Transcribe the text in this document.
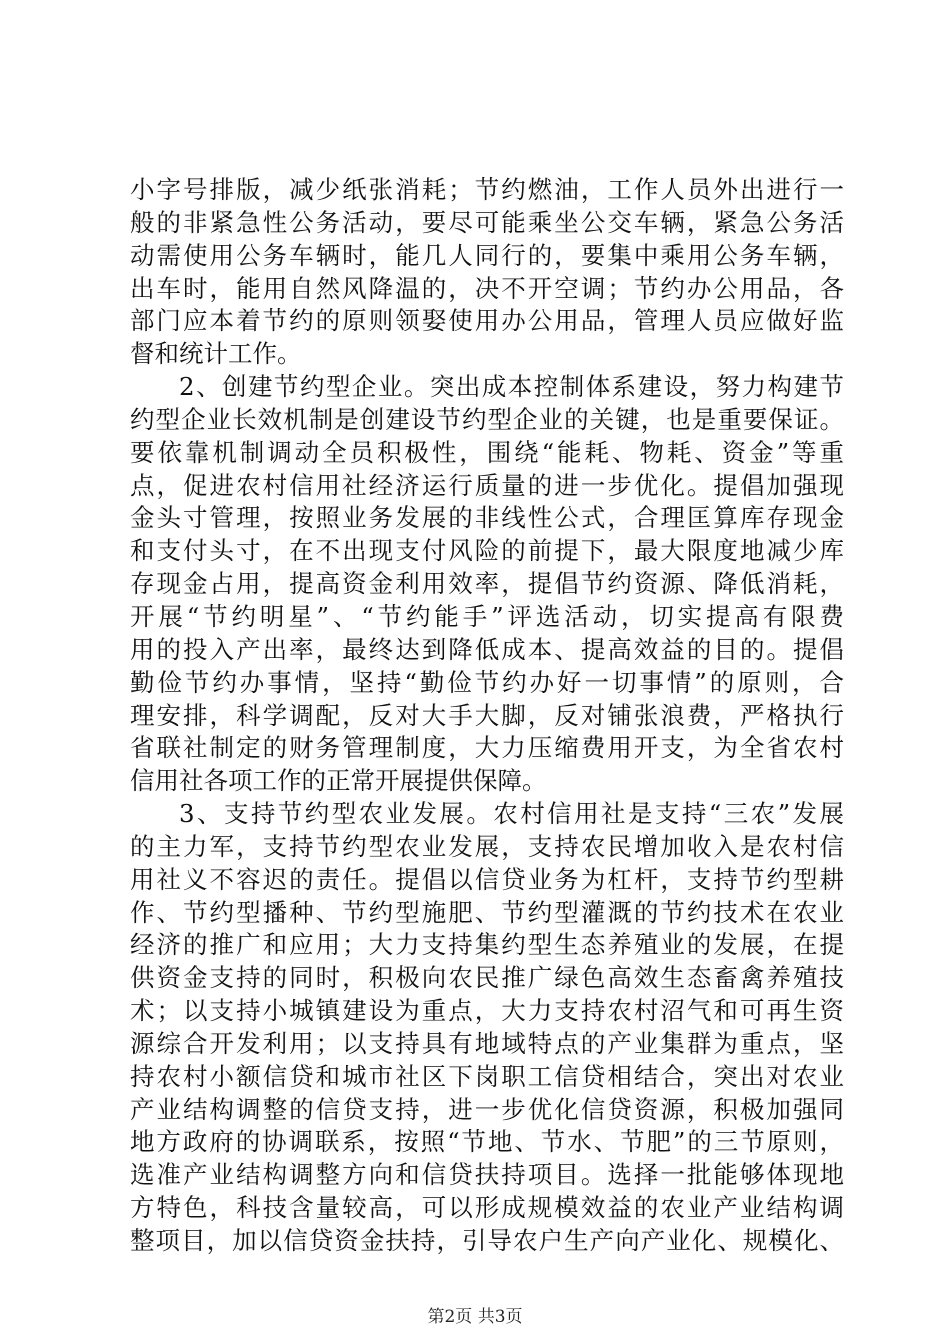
小字号排版，减少纸张消耗；节约燃油，工作人员外出进行一
般的非紧急性公务活动，要尽可能乘坐公交车辆，紧急公务活
动需使用公务车辆时，能几人同行的，要集中乘用公务车辆，
出车时，能用自然风降温的，决不开空调；节约办公用品，各
部门应本着节约的原则领娶使用办公用品，管理人员应做好监
督和统计工作。
2、创建节约型企业。突出成本控制体系建设，努力构建节
约型企业长效机制是创建设节约型企业的关键，也是重要保证。
要依靠机制调动全员积极性，围绕“能耗、物耗、资金”等重
点，促进农村信用社经济运行质量的进一步优化。提倡加强现
金头寸管理，按照业务发展的非线性公式，合理匡算库存现金
和支付头寸，在不出现支付风险的前提下，最大限度地减少库
存现金占用，提高资金利用效率，提倡节约资源、降低消耗，
开展“节约明星”、“节约能手”评选活动，切实提高有限费
用的投入产出率，最终达到降低成本、提高效益的目的。提倡
勤俭节约办事情，坚持“勤俭节约办好一切事情”的原则，合
理安排，科学调配，反对大手大脚，反对铺张浪费，严格执行
省联社制定的财务管理制度，大力压缩费用开支，为全省农村
信用社各项工作的正常开展提供保障。
3、支持节约型农业发展。农村信用社是支持“三农”发展
的主力军，支持节约型农业发展，支持农民增加收入是农村信
用社义不容迟的责任。提倡以信贷业务为杠杆，支持节约型耕
作、节约型播种、节约型施肥、节约型灌溉的节约技术在农业
经济的推广和应用；大力支持集约型生态养殖业的发展，在提
供资金支持的同时，积极向农民推广绿色高效生态畜禽养殖技
术；以支持小城镇建设为重点，大力支持农村沼气和可再生资
源综合开发利用；以支持具有地域特点的产业集群为重点，坚
持农村小额信贷和城市社区下岗职工信贷相结合，突出对农业
产业结构调整的信贷支持，进一步优化信贷资源，积极加强同
地方政府的协调联系，按照“节地、节水、节肥”的三节原则，
选准产业结构调整方向和信贷扶持项目。选择一批能够体现地
方特色，科技含量较高，可以形成规模效益的农业产业结构调
整项目，加以信贷资金扶持，引导农户生产向产业化、规模化、
第2页 共3页
